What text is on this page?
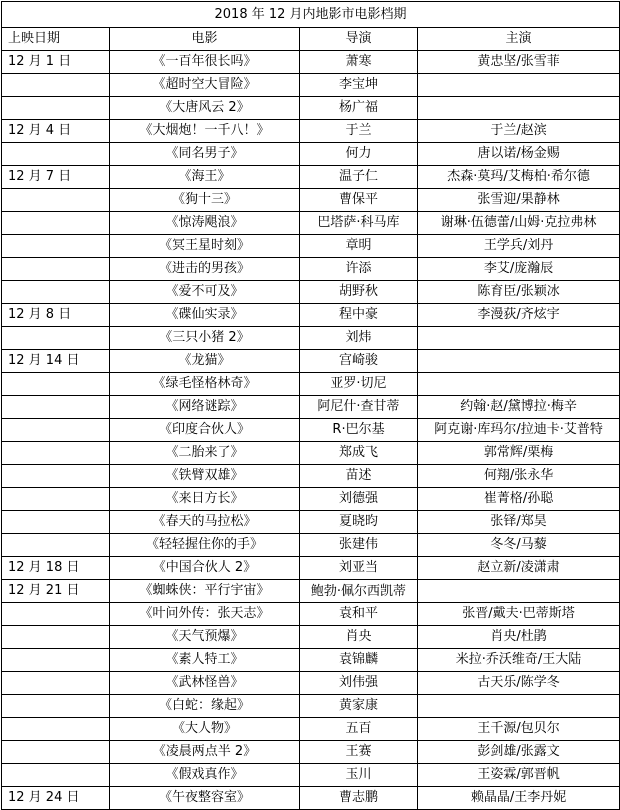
2018 年 12 月内地影市电影档期			
上映日期	电影	导演	主演
12 月 1 日	《一百年很长吗》	萧寒	黄忠坚/张雪菲
	《超时空大冒险》	李宝坤	
	《大唐风云 2》	杨广福	
12 月 4 日	《大烟炮！一千八！》	于兰	于兰/赵滨
	《同名男子》	何力	唐以诺/杨金赐
12 月 7 日	《海王》	温子仁	杰森·莫玛/艾梅柏·希尔德
	《狗十三》	曹保平	张雪迎/果静林
	《惊涛飓浪》	巴塔萨·科马库	谢琳·伍德蕾/山姆·克拉弗林
	《冥王星时刻》	章明	王学兵/刘丹
	《进击的男孩》	许添	李艾/庞瀚辰
	《爱不可及》	胡野秋	陈育臣/张颖冰
12 月 8 日	《碟仙实录》	程中豪	李漫荻/齐炫宇
	《三只小猪 2》	刘炜	
12 月 14 日	《龙猫》	宫崎骏	
	《绿毛怪格林奇》	亚罗·切尼	
	《网络谜踪》	阿尼什·查甘蒂	约翰·赵/黛博拉·梅辛
	《印度合伙人》	R·巴尔基	阿克谢·库玛尔/拉迪卡·艾普特
	《二胎来了》	郑成飞	郭常辉/栗梅
	《铁臂双雄》	苗述	何翔/张永华
	《来日方长》	刘德强	崔菁格/孙聪
	《春天的马拉松》	夏晓昀	张铎/郑昊
	《轻轻握住你的手》	张建伟	冬冬/马藜
12 月 18 日	《中国合伙人 2》	刘亚当	赵立新/凌潇肃
12 月 21 日	《蜘蛛侠：平行宇宙》	鲍勃·佩尔西凯蒂	
	《叶问外传：张天志》	袁和平	张晋/戴夫·巴蒂斯塔
	《天气预爆》	肖央	肖央/杜鹃
	《素人特工》	袁锦麟	米拉·乔沃维奇/王大陆
	《武林怪兽》	刘伟强	古天乐/陈学冬
	《白蛇：缘起》	黄家康	
	《大人物》	五百	王千源/包贝尔
	《凌晨两点半 2》	王赛	彭剑雄/张露文
	《假戏真作》	玉川	王姿霖/郭晋帆
12 月 24 日	《午夜整容室》	曹志鹏	赖晶晶/王李丹妮
